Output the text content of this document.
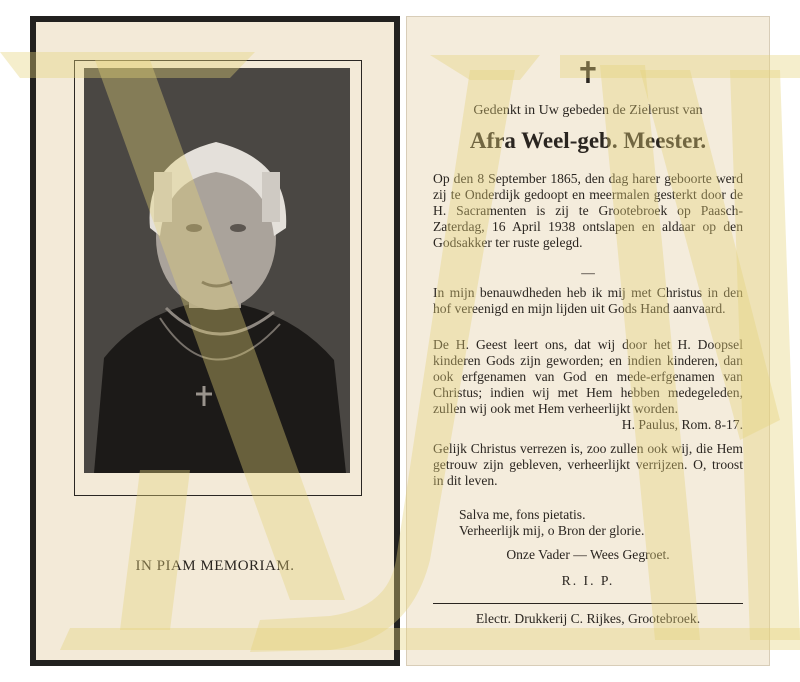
IN PIAM MEMORIAM.
✝
Gedenkt in Uw gebeden de Zielerust van
Afra Weel-geb. Meester.
Op den 8 September 1865, den dag harer geboorte werd zij te Onderdijk gedoopt en meermalen gesterkt door de H. Sacramenten is zij te Grootebroek op Paasch-Zaterdag, 16 April 1938 ontslapen en aldaar op den Godsakker ter ruste gelegd.
—
In mijn benauwdheden heb ik mij met Christus in den hof vereenigd en mijn lijden uit Gods Hand aanvaard.
De H. Geest leert ons, dat wij door het H. Doopsel kinderen Gods zijn geworden; en indien kinderen, dan ook erfgenamen van God en mede-erfgenamen van Christus; indien wij met Hem hebben medegeleden, zullen wij ook met Hem verheerlijkt worden.
H. Paulus, Rom. 8-17.
Gelijk Christus verrezen is, zoo zullen ook wij, die Hem getrouw zijn gebleven, verheerlijkt verrijzen. O, troost in dit leven.
Salva me, fons pietatis.
Verheerlijk mij, o Bron der glorie.
Onze Vader — Wees Gegroet.
R. I. P.
Electr. Drukkerij C. Rijkes, Grootebroek.
